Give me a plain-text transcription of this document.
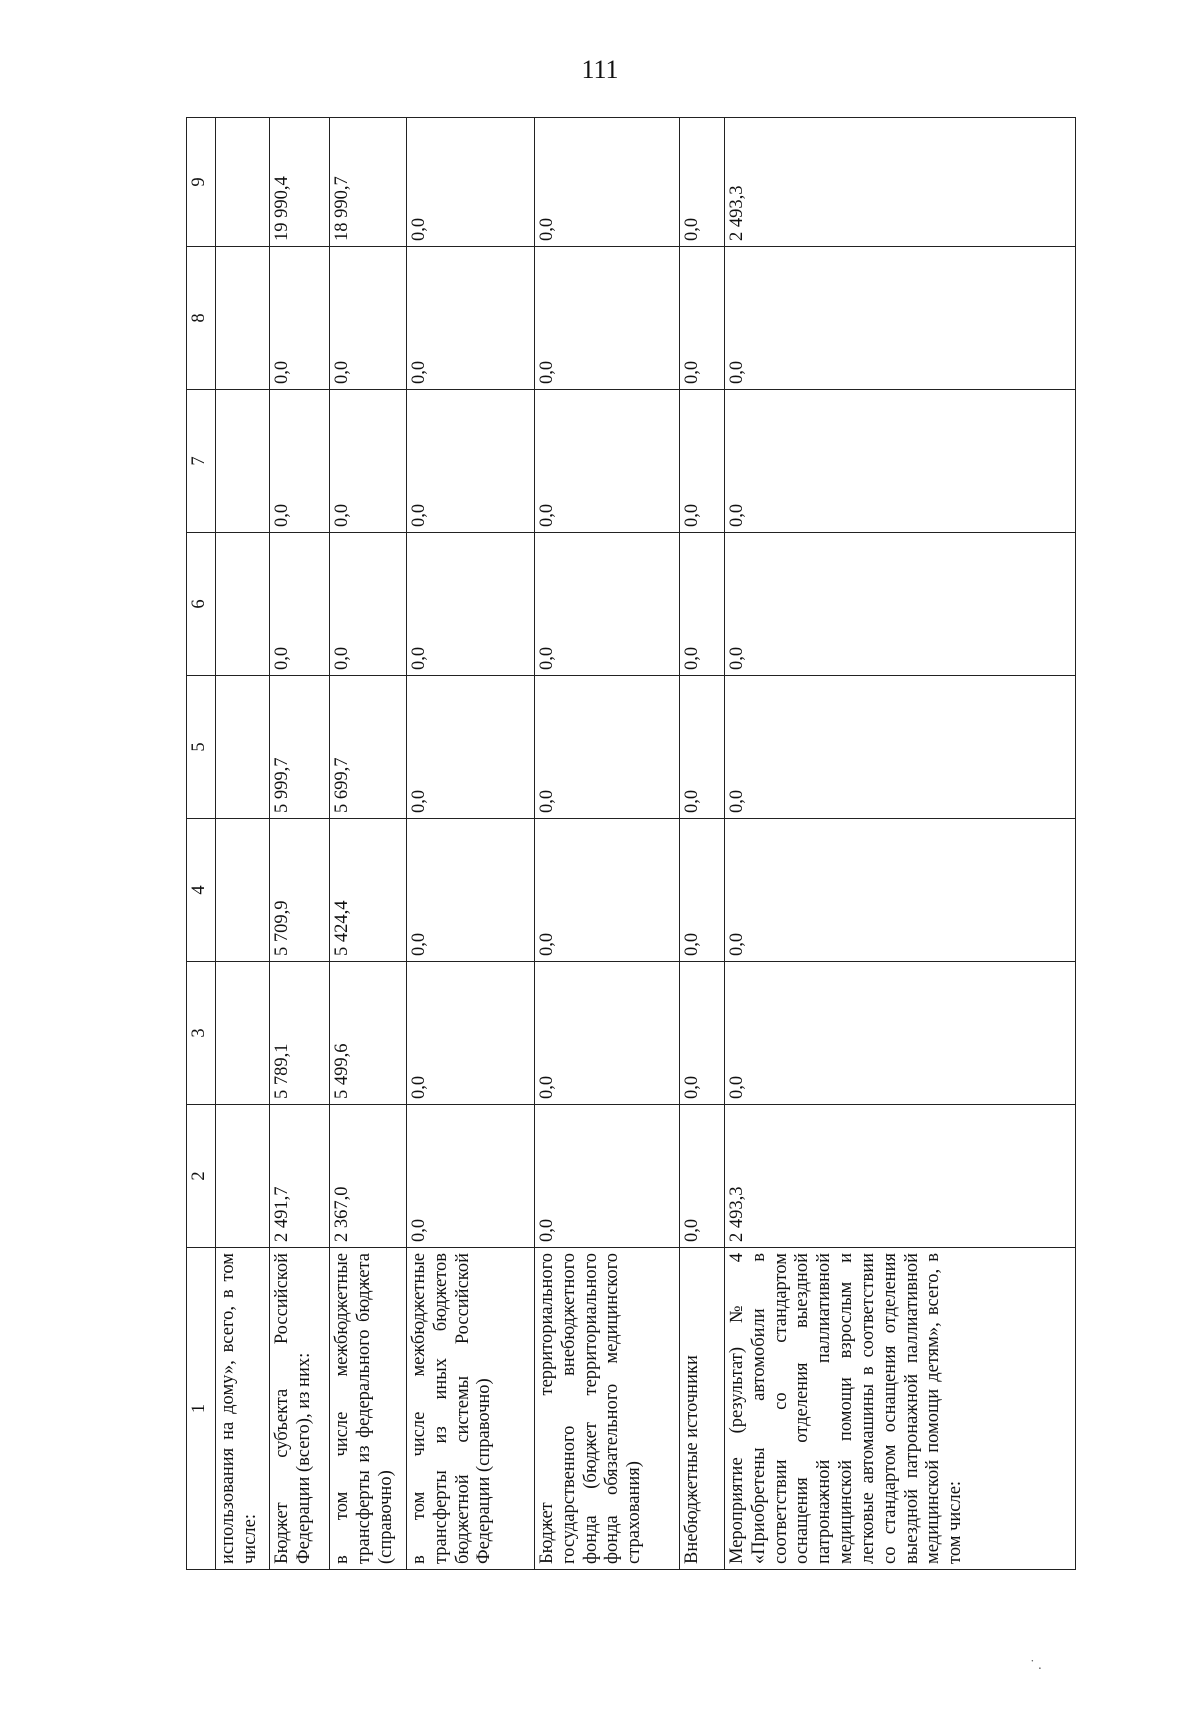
111
1	2	3	4	5	6	7	8	9
использования на дому», всего, в том числе:								
Бюджет субъекта Российской Федерации (всего), из них:	2 491,7	5 789,1	5 709,9	5 999,7	0,0	0,0	0,0	19 990,4
в том числе межбюджетные трансферты из федерального бюджета (справочно)	2 367,0	5 499,6	5 424,4	5 699,7	0,0	0,0	0,0	18 990,7
в том числе межбюджетные трансферты из иных бюджетов бюджетной системы Российской Федерации (справочно)	0,0	0,0	0,0	0,0	0,0	0,0	0,0	0,0
Бюджет территориального государственного внебюджетного фонда (бюджет территориального фонда обязательного медицинского страхования)	0,0	0,0	0,0	0,0	0,0	0,0	0,0	0,0
Внебюджетные источники	0,0	0,0	0,0	0,0	0,0	0,0	0,0	0,0
Мероприятие (результат) № 4 «Приобретены автомобили в соответствии со стандартом оснащения отделения выездной патронажной паллиативной медицинской помощи взрослым и легковые автомашины в соответствии со стандартом оснащения отделения выездной патронажной паллиативной медицинской помощи детям», всего, в том числе:	2 493,3	0,0	0,0	0,0	0,0	0,0	0,0	2 493,3
˙ .
